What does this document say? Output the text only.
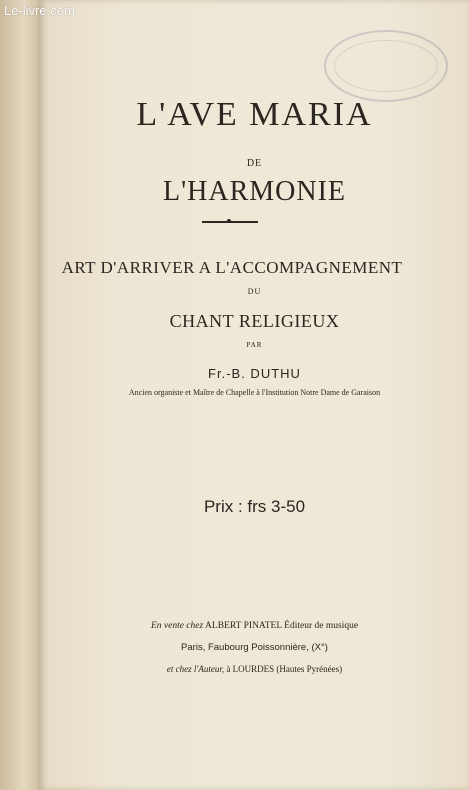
Le-livre.com
L'AVE MARIA
DE
L'HARMONIE
ART D'ARRIVER A L'ACCOMPAGNEMENT
DU
CHANT RELIGIEUX
PAR
Fr.-B. DUTHU
Ancien organiste et Maître de Chapelle à l'Institution Notre Dame de Garaison
Prix : frs 3-50
En vente chez ALBERT PINATEL Éditeur de musique
Paris, Faubourg Poissonnière, (X°)
et chez l'Auteur, à LOURDES (Hautes Pyrénées)
